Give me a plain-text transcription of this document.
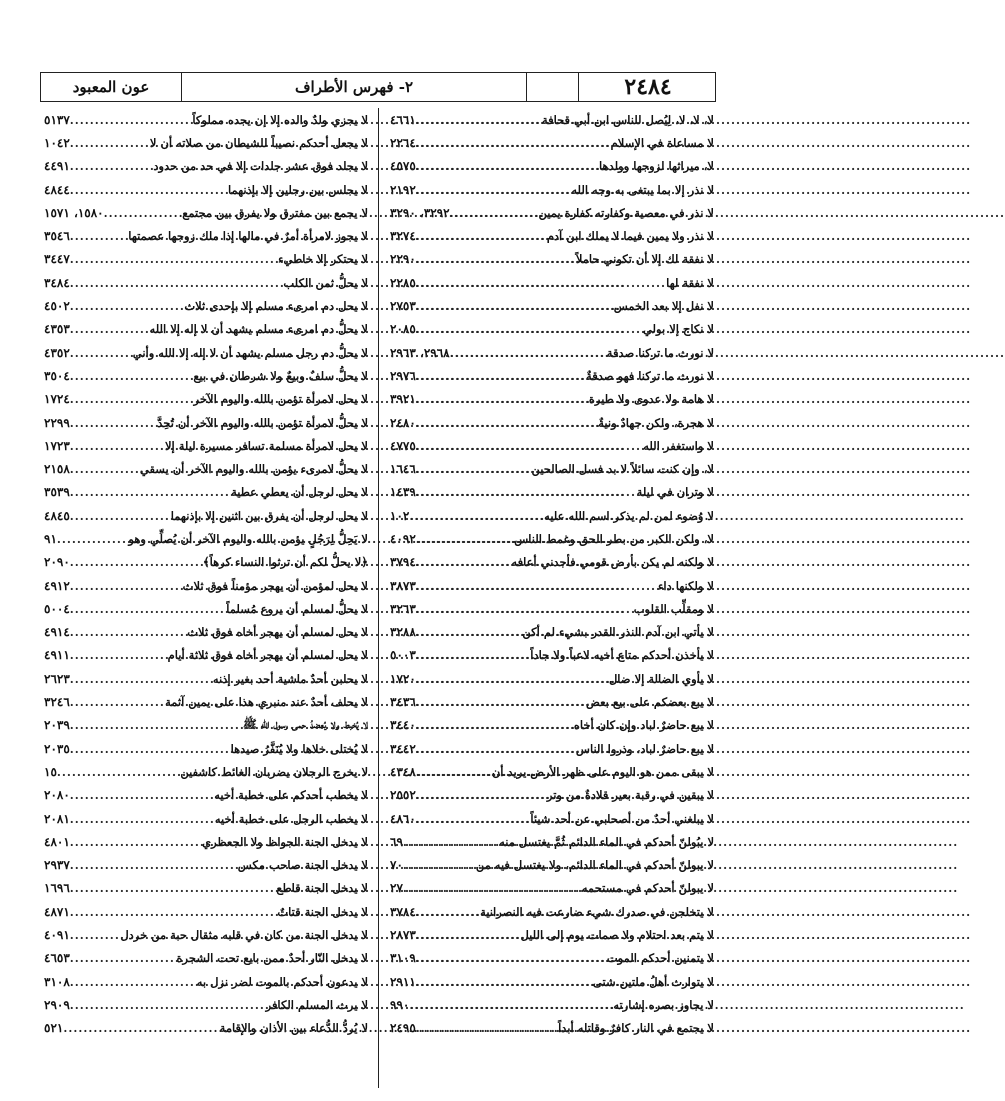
٢٤٨٤
٢- فهرس الأطراف
عون المعبود
لا، لا، لا، لِيُصل للناس ابن أبي قحافة
.....
٤٦٦١
لا مساعاة في الإسلام
.....
٢٢٦٤
لا، ميراثها لزوجها وولدها
.....
٤٥٧٥
لا نذر إلا بما يبتغى به وجه الله
.....
٢١٩٢
لا نذر في معصية وكفارته كفارة يمين
.....
٣٢٩٢، ٣٢٩٠
لا نذر ولا يمين فيما لا يملك ابن آدم
.....
٣٢٧٤
لا نفقة لك إلا أن تكوني حاملاً
.....
٢٢٩٠
لا نفقة لها
.....
٢٢٨٥
لا نفل إلا بعد الخمس
.....
٢٧٥٣
لا نكاح إلا بولي
.....
٢٠٨٥
لا نورث ما تركنا صدقة
.....
٢٩٦٨، ٢٩٦٣
لا نورث ما تركنا فهو صدقةٌ
.....
٢٩٧٦
لا هامة ولا عدوى ولا طيرة
.....
٣٩٢١
لا هجرة، ولكن جهادٌ ونيةٌ
.....
٢٤٨٠
لا واستغفر الله
.....
٤٧٧٥
لا، وإن كنت سائلاً لا بد فسل الصالحين
.....
١٦٤٦
لا وتران في ليلة
.....
١٤٣٩
لا وُضوء لمن لم يذكر اسم الله عليه
.....
١٠٢
لا، ولكن الكبر من بطر الحق وغمط الناس
.....
٤٠٩٢
لا ولكنه لم يكن بأرض قومي فأجدني أعافه
.....
٣٧٩٤
لا ولكنها داء
.....
٣٨٧٣
لا ومقلِّب القلوب
.....
٣٢٦٣
لا يأتي ابن آدم النذر القدر بشيء لم أكن
.....
٣٢٨٨
لا يأخذن أحدكم متاع أخيه لاعباً ولا جاداً
.....
٥٠٠٣
لا يأوي الضالة إلا ضال
.....
١٧٢٠
لا يبع بعضكم على بيع بعض
.....
٣٤٣٦
لا يبع حاضرٌ لباد وإن كان أخاه
.....
٣٤٤٠
لا يبع حاضرٌ لباد، وذروا الناس
.....
٣٤٤٢
لا يبقى ممن هو اليوم على ظهر الأرض يريد أن
.....
٤٣٤٨
لا يبقين في رقبة بعير قلادةٌ من وتر
.....
٢٥٥٢
لا يبلغني أحدٌ من أصحابي عن أحد شيئاً
.....
٤٨٦٠
لا يبُولنّ أحدكم في الماء الدائم ثُمَّ يغتسل منه
.....
٦٩
لا يبولنّ أحدكم في الماء الدائم، ولا يغتسل فيه من
.....
٧٠
لا يبولنّ أحدكم في مستحمه
.....
٢٧
لا يتخلجن في صدرك شيء ضارعت فيه النصرانية
.....
٣٧٨٤
لا يتم بعد احتلام ولا صمات يوم إلى الليل
.....
٢٨٧٣
لا يتمنين أحدكم الموت
.....
٣١٠٩
لا يتوارث أهلُ ملتين شتى
.....
٢٩١١
لا يجاوز بصره إشارته
.....
٩٩٠
لا يجتمع في النار كافرٌ وقاتله أبداً
.....
٢٤٩٥
لا يجزي ولدٌ والده إلا إن يجده مملوكاً
.....
٥١٣٧
لا يجعل أحدكم نصيباً للشيطان من صلاته أن لا
.....
١٠٤٢
لا يجلد فوق عشر جلدات إلا في حد من حدود
.....
٤٤٩١
لا يجلس بين رجلين إلا بإذنهما
.....
٤٨٤٤
لا يجمع بين مفترق ولا يفرق بين مجتمع
.....
١٥٨٠، ١٥٧١
لا يجوز لامرأة أمرٌ في مالها إذا ملك زوجها عصمتها
.....
٣٥٤٦
لا يحتكر إلا خاطيء
.....
٣٤٤٧
لا يحلُّ ثمن الكلب
.....
٣٤٨٤
لا يحل دم امرىء مسلم إلا بإحدى ثلاث
.....
٤٥٠٢
لا يحلُّ دم امرىء مسلم يشهد أن لا إله إلا الله
.....
٤٣٥٣
لا يحلُّ دم رجل مسلم يشهد أن لا إله إلا الله وأني
.....
٤٣٥٢
لا يحلُّ سلفٌ وبيعٌ ولا شرطان في بيع
.....
٣٥٠٤
لا يحل لامرأة تؤمن بالله واليوم الآخر
.....
١٧٢٤
لا يحلُّ لامرأة تؤمن بالله واليوم الآخر أن تُحِدَّ
.....
٢٢٩٩
لا يحل لامرأة مسلمة تسافر مسيرة ليلة إلا
.....
١٧٢٣
لا يحلُّ لامرىء يؤمن بالله واليوم الآخر أن يسقي
.....
٢١٥٨
لا يحل لرجل أن يعطي عطية
.....
٣٥٣٩
لا يحل لرجل أن يفرق بين اثنين إلا بإذنهما
.....
٤٨٤٥
لا يَحِلُّ لِرَجُلٍ يؤمن بالله واليوم الآخر أن يُصلِّي وهو
.....
٩١
﴿لا يحلُّ لكم أن ترثوا النساء كرهاً﴾
.....
٢٠٩٠
لا يحل لمؤمن أن يهجر مؤمناً فوق ثلاث
.....
٤٩١٢
لا يحلُّ لمسلم أن يروع مُسلماً
.....
٥٠٠٤
لا يحل لمسلم أن يهجر أخاه فوق ثلاث
.....
٤٩١٤
لا يحل لمسلم أن يهجر أخاه فوق ثلاثة أيام
.....
٤٩١١
لا يحلبن أحدٌ ماشية أحد بغير إذنه
.....
٢٦٢٣
لا يحلف أحدٌ عند منبري هذا على يمين آثمة
.....
٣٢٤٦
لا يُخبط ولا يُعضدُ حمى رسول الله ﷺ
.....
٢٠٣٩
لا يُختلى خلاها ولا يُنَفَّرُ صيدها
.....
٢٠٣٥
لا يخرج الرجلان يضربان الغائط كاشفين
.....
١٥
لا يخطب أحدكم على خطبة أخيه
.....
٢٠٨٠
لا يخطب الرجل على خطبة أخيه
.....
٢٠٨١
لا يدخل الجنة الجواظ ولا الجعظري
.....
٤٨٠١
لا يدخل الجنة صاحب مكس
.....
٢٩٣٧
لا يدخل الجنة قاطع
.....
١٦٩٦
لا يدخل الجنة قتاتٌ
.....
٤٨٧١
لا يدخل الجنة من كان في قلبه مثقال حبة من خردل
.....
٤٠٩١
لا يدخل النّار أحدٌ ممن بايع تحت الشجرة
.....
٤٦٥٣
لا يدعون أحدكم بالموت لضر نزل به
.....
٣١٠٨
لا يرث المسلم الكافر
.....
٢٩٠٩
لا يُردُّ الدُّعاء بين الأذان والإقامة
.....
٥٢١
